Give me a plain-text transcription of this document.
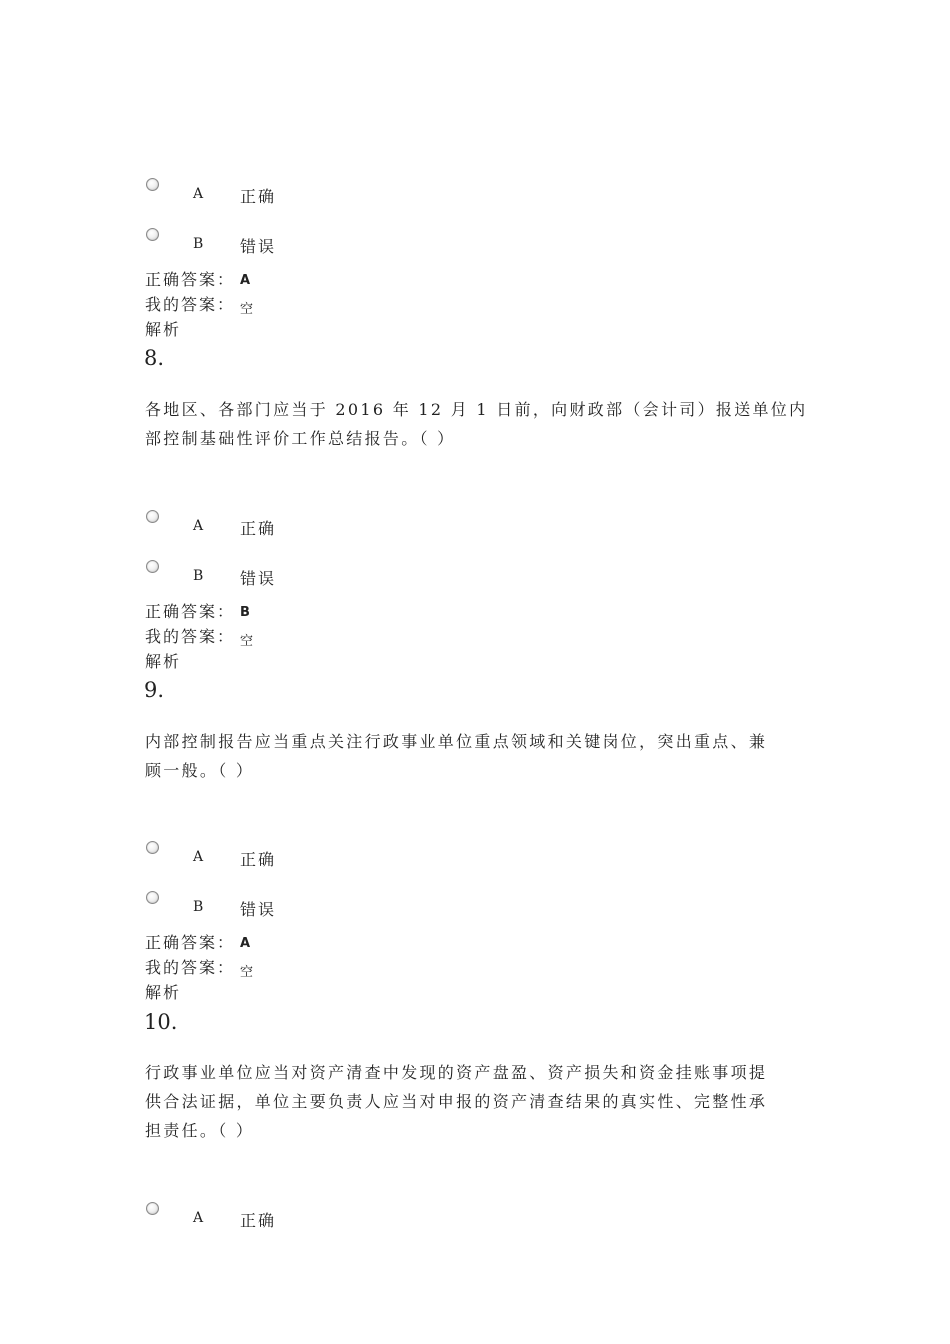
A 正确
B 错误
正确答案： A
我的答案： 空
解析
8.
各地区、各部门应当于 2016 年 12 月 1 日前，向财政部（会计司）报送单位内
部控制基础性评价工作总结报告。（ ）
A 正确
B 错误
正确答案： B
我的答案： 空
解析
9.
内部控制报告应当重点关注行政事业单位重点领域和关键岗位，突出重点、兼
顾一般。（ ）
A 正确
B 错误
正确答案： A
我的答案： 空
解析
10.
行政事业单位应当对资产清查中发现的资产盘盈、资产损失和资金挂账事项提
供合法证据，单位主要负责人应当对申报的资产清查结果的真实性、完整性承
担责任。（ ）
A 正确
